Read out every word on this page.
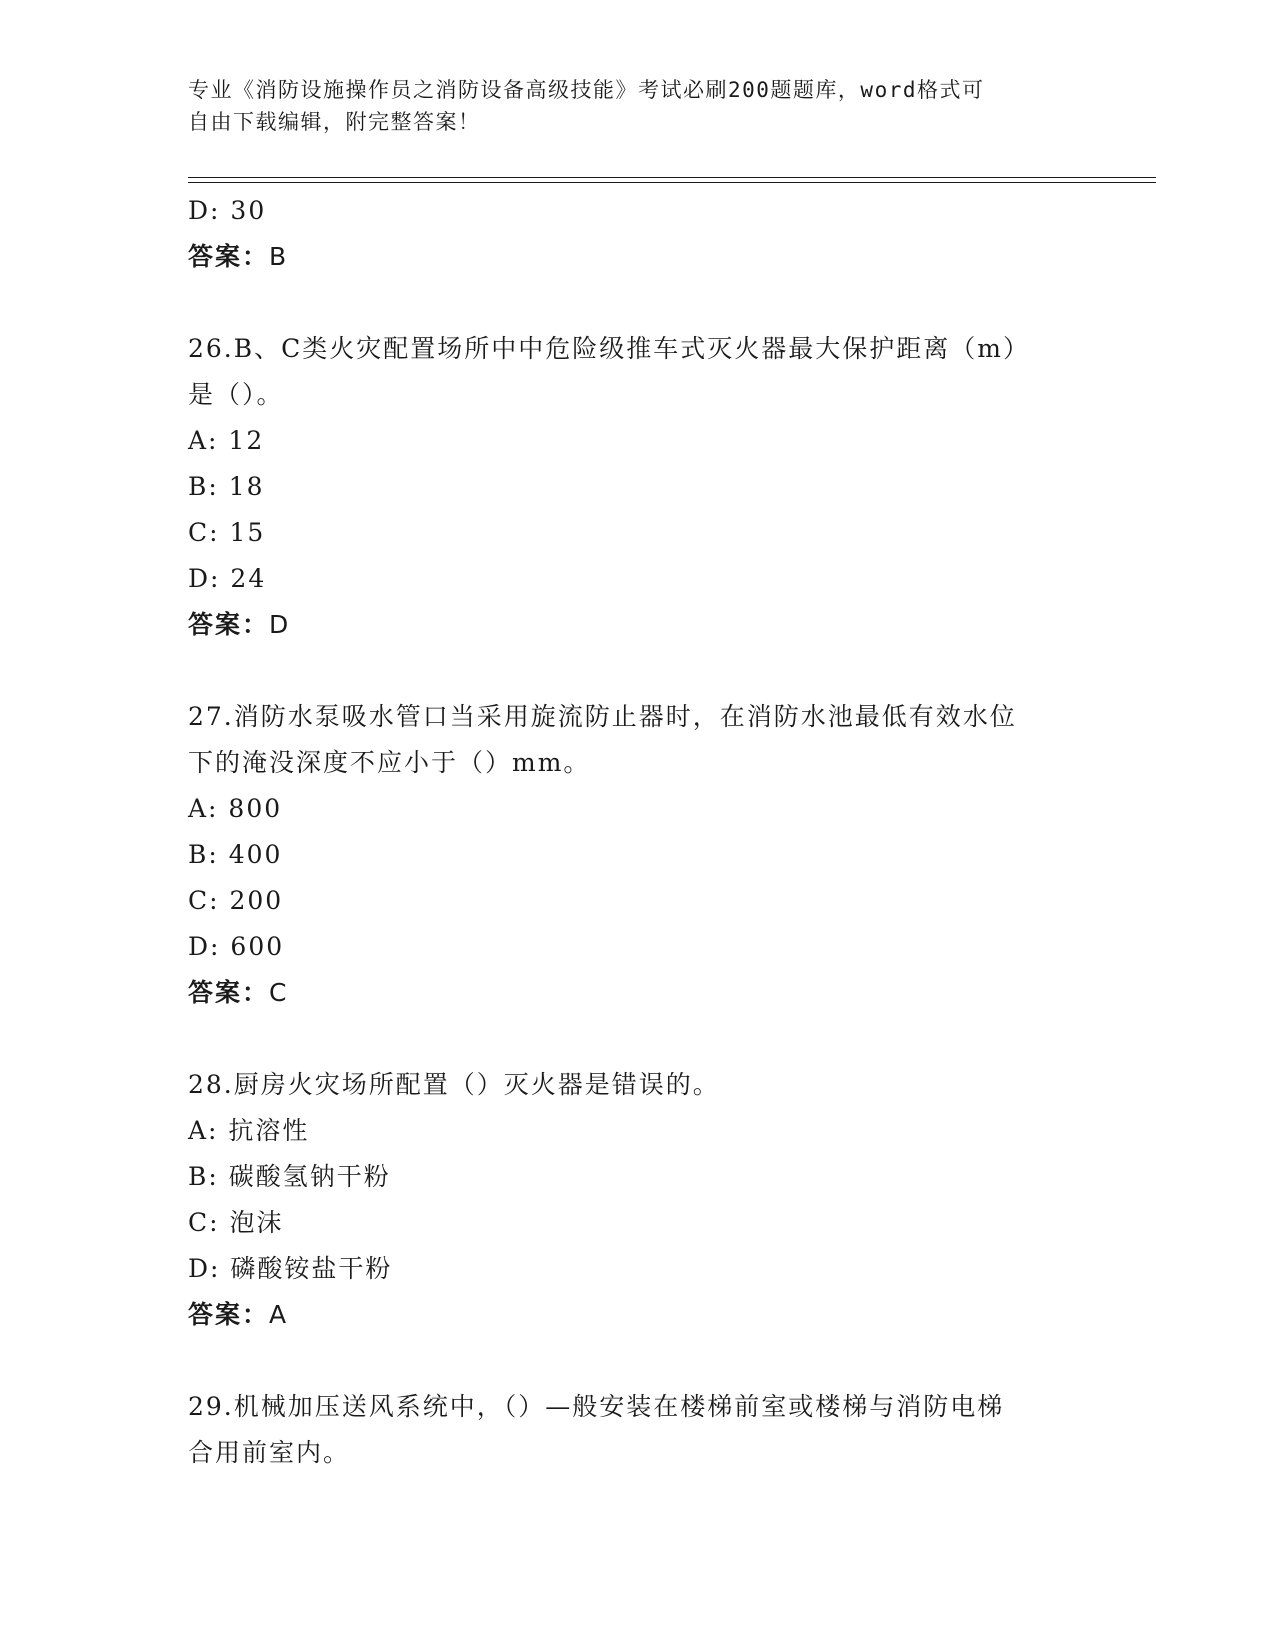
专业《消防设施操作员之消防设备高级技能》考试必刷200题题库，word格式可
自由下载编辑，附完整答案！
D: 30
答案：B
26.B、C类火灾配置场所中中危险级推车式灭火器最大保护距离（m）
是（）。
A: 12
B: 18
C: 15
D: 24
答案：D
27.消防水泵吸水管口当采用旋流防止器时，在消防水池最低有效水位
下的淹没深度不应小于（）mm。
A: 800
B: 400
C: 200
D: 600
答案：C
28.厨房火灾场所配置（）灭火器是错误的。
A: 抗溶性
B: 碳酸氢钠干粉
C: 泡沫
D: 磷酸铵盐干粉
答案：A
29.机械加压送风系统中，（）—般安装在楼梯前室或楼梯与消防电梯
合用前室内。
